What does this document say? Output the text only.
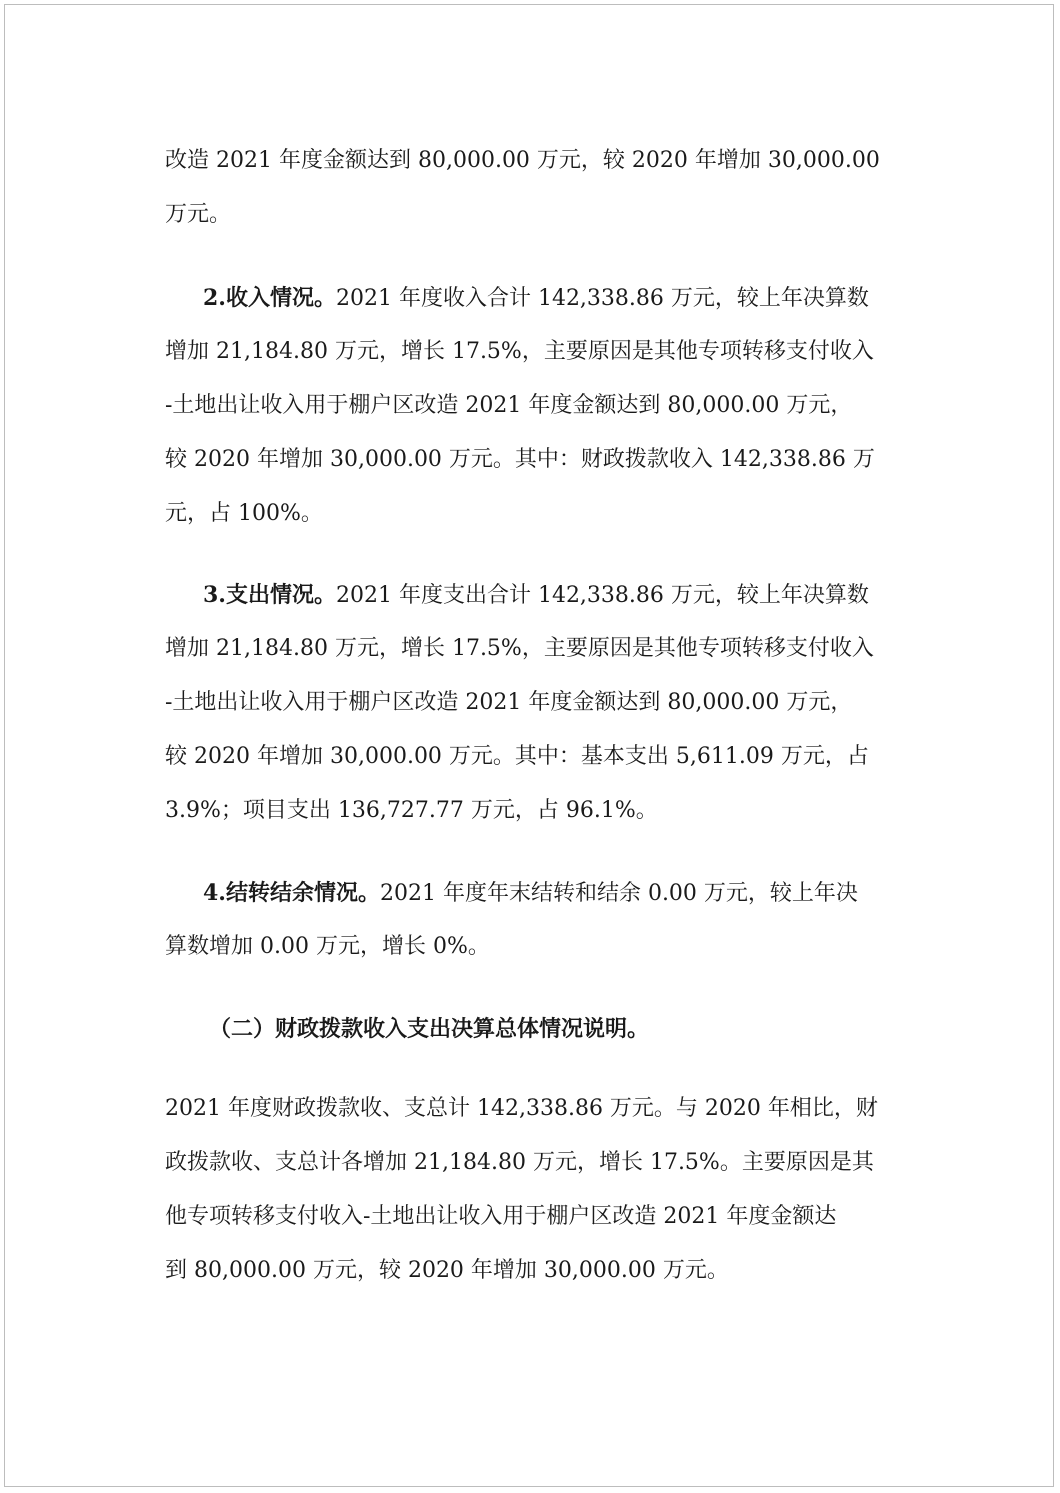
改造 2021 年度金额达到 80,000.00 万元，较 2020 年增加 30,000.00
万元。
2.收入情况。2021 年度收入合计 142,338.86 万元，较上年决算数
增加 21,184.80 万元，增长 17.5%，主要原因是其他专项转移支付收入
-土地出让收入用于棚户区改造 2021 年度金额达到 80,000.00 万元，
较 2020 年增加 30,000.00 万元。其中：财政拨款收入 142,338.86 万
元，占 100%。
3.支出情况。2021 年度支出合计 142,338.86 万元，较上年决算数
增加 21,184.80 万元，增长 17.5%，主要原因是其他专项转移支付收入
-土地出让收入用于棚户区改造 2021 年度金额达到 80,000.00 万元，
较 2020 年增加 30,000.00 万元。其中：基本支出 5,611.09 万元，占
3.9%；项目支出 136,727.77 万元，占 96.1%。
4.结转结余情况。2021 年度年末结转和结余 0.00 万元，较上年决
算数增加 0.00 万元，增长 0%。
（二）财政拨款收入支出决算总体情况说明。
2021 年度财政拨款收、支总计 142,338.86 万元。与 2020 年相比，财
政拨款收、支总计各增加 21,184.80 万元，增长 17.5%。主要原因是其
他专项转移支付收入-土地出让收入用于棚户区改造 2021 年度金额达
到 80,000.00 万元，较 2020 年增加 30,000.00 万元。
